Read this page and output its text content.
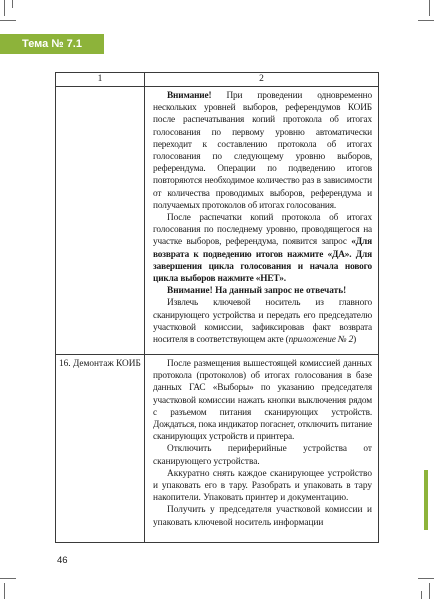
Тема № 7.1
1	2

	Внимание! При проведении одновременно нескольких уровней выборов, референдумов КОИБ после распечатывания копий протокола об итогах голосования по первому уровню автоматически переходит к составлению протокола об итогах голосования по следующему уровню выборов, референдума. Операции по подведению итогов повторяются необходимое количество раз в зависимости от количества проводимых выборов, референдума и получаемых протоколов об итогах голосования.

После распечатки копий протокола об итогах голосования по последнему уровню, проводящегося на участке выборов, референдума, появится запрос «Для возврата к подведению итогов нажмите «ДА». Для завершения цикла голосования и начала нового цикла выборов нажмите «НЕТ».

Внимание! На данный запрос не отвечать!

Извлечь ключевой носитель из главного сканирующего устройства и передать его председателю участковой комиссии, зафиксировав факт возврата носителя в соответствующем акте (приложение № 2)

16. Демонтаж КОИБ	После размещения вышестоящей комиссией данных протокола (протоколов) об итогах голосования в базе данных ГАС «Выборы» по указанию председателя участковой комиссии нажать кнопки выключения рядом с разъемом питания сканирующих устройств. Дождаться, пока индикатор погаснет, отключить питание сканирующих устройств и принтера.

Отключить периферийные устройства от сканирующего устройства.

Аккуратно снять каждое сканирующее устройство и упаковать его в тару. Разобрать и упаковать в тару накопители. Упаковать принтер и документацию.

Получить у председателя участковой комиссии и упаковать ключевой носитель информации

46
